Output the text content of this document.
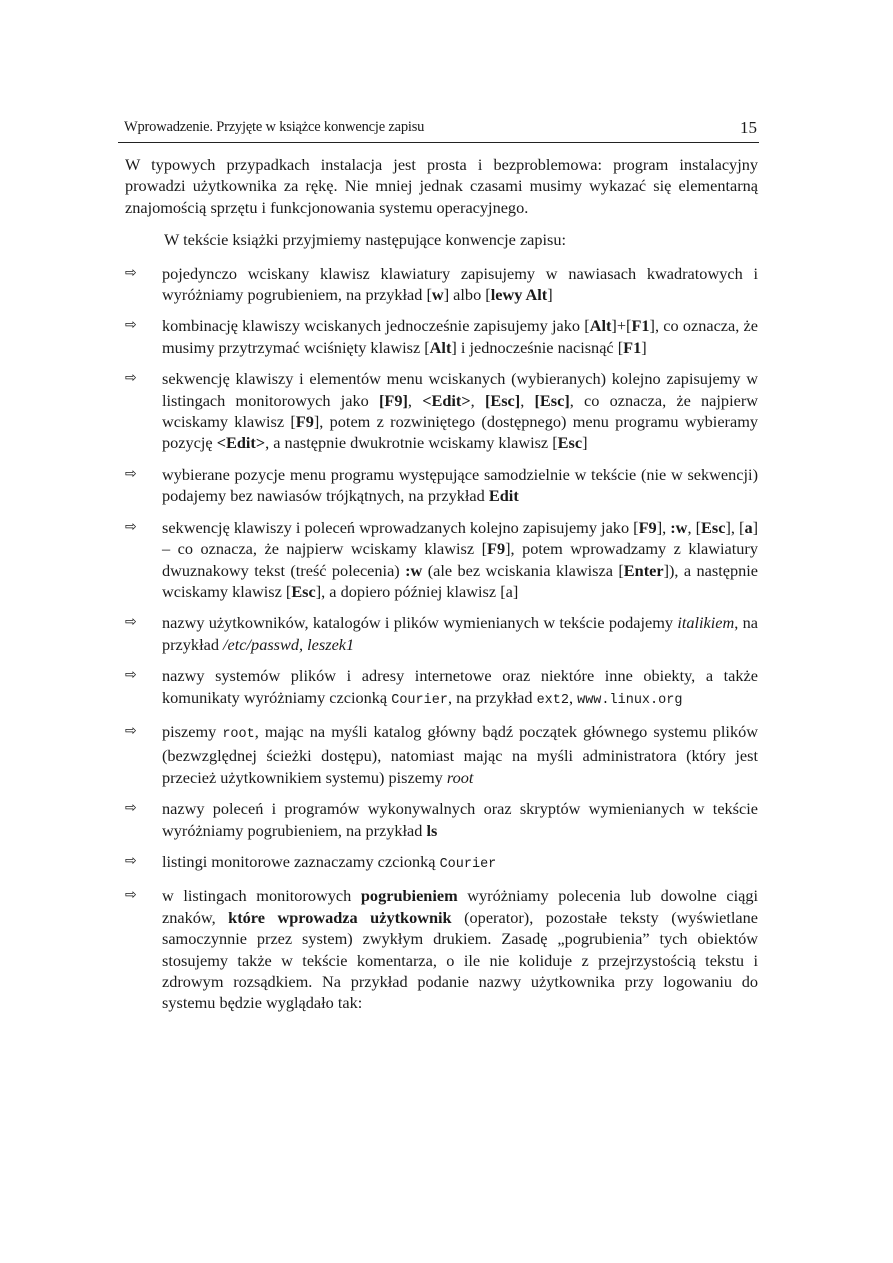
Wprowadzenie. Przyjęte w książce konwencje zapisu	15

W typowych przypadkach instalacja jest prosta i bezproblemowa: program instalacyjny prowadzi użytkownika za rękę. Nie mniej jednak czasami musimy wykazać się elementarną znajomością sprzętu i funkcjonowania systemu operacyjnego.

W tekście książki przyjmiemy następujące konwencje zapisu:

⇨ pojedynczo wciskany klawisz klawiatury zapisujemy w nawiasach kwadratowych i wyróżniamy pogrubieniem, na przykład [w] albo [lewy Alt]
⇨ kombinację klawiszy wciskanych jednocześnie zapisujemy jako [Alt]+[F1], co oznacza, że musimy przytrzymać wciśnięty klawisz [Alt] i jednocześnie nacisnąć [F1]
⇨ sekwencję klawiszy i elementów menu wciskanych (wybieranych) kolejno zapisujemy w listingach monitorowych jako [F9], <Edit>, [Esc], [Esc], co oznacza, że najpierw wciskamy klawisz [F9], potem z rozwiniętego (dostępnego) menu programu wybieramy pozycję <Edit>, a następnie dwukrotnie wciskamy klawisz [Esc]
⇨ wybierane pozycje menu programu występujące samodzielnie w tekście (nie w sekwencji) podajemy bez nawiasów trójkątnych, na przykład Edit
⇨ sekwencję klawiszy i poleceń wprowadzanych kolejno zapisujemy jako [F9], :w, [Esc], [a] – co oznacza, że najpierw wciskamy klawisz [F9], potem wprowadzamy z klawiatury dwuznakowy tekst (treść polecenia) :w (ale bez wciskania klawisza [Enter]), a następnie wciskamy klawisz [Esc], a dopiero później klawisz [a]
⇨ nazwy użytkowników, katalogów i plików wymienianych w tekście podajemy italikiem, na przykład /etc/passwd, leszek1
⇨ nazwy systemów plików i adresy internetowe oraz niektóre inne obiekty, a także komunikaty wyróżniamy czcionką Courier, na przykład ext2, www.linux.org
⇨ piszemy root, mając na myśli katalog główny bądź początek głównego systemu plików (bezwzględnej ścieżki dostępu), natomiast mając na myśli administratora (który jest przecież użytkownikiem systemu) piszemy root
⇨ nazwy poleceń i programów wykonywalnych oraz skryptów wymienianych w tekście wyróżniamy pogrubieniem, na przykład ls
⇨ listingi monitorowe zaznaczamy czcionką Courier
⇨ w listingach monitorowych pogrubieniem wyróżniamy polecenia lub dowolne ciągi znaków, które wprowadza użytkownik (operator), pozostałe teksty (wyświetlane samoczynnie przez system) zwykłym drukiem. Zasadę „pogrubienia” tych obiektów stosujemy także w tekście komentarza, o ile nie koliduje z przejrzystością tekstu i zdrowym rozsądkiem. Na przykład podanie nazwy użytkownika przy logowaniu do systemu będzie wyglądało tak:
